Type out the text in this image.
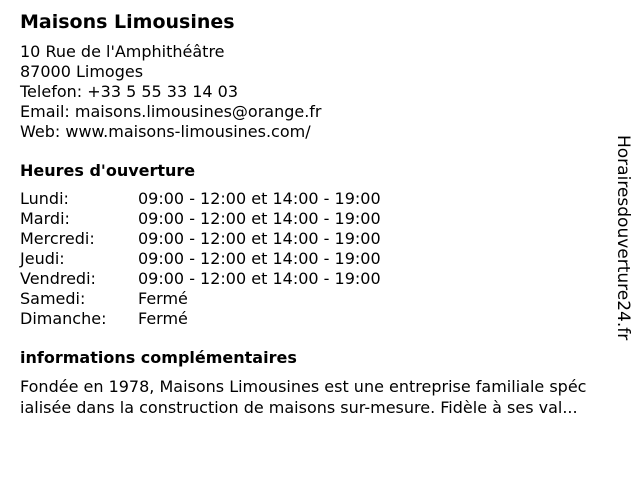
Maisons Limousines
10 Rue de l'Amphithéâtre
87000 Limoges
Telefon: +33 5 55 33 14 03
Email: maisons.limousines@orange.fr
Web: www.maisons-limousines.com/
Heures d'ouverture
Lundi:	09:00 - 12:00 et 14:00 - 19:00
Mardi:	09:00 - 12:00 et 14:00 - 19:00
Mercredi:	09:00 - 12:00 et 14:00 - 19:00
Jeudi:	09:00 - 12:00 et 14:00 - 19:00
Vendredi:	09:00 - 12:00 et 14:00 - 19:00
Samedi:	Fermé
Dimanche:	Fermé
informations complémentaires
Fondée en 1978, Maisons Limousines est une entreprise familiale spéc
ialisée dans la construction de maisons sur-mesure. Fidèle à ses val...
Horairesdouverture24.fr
